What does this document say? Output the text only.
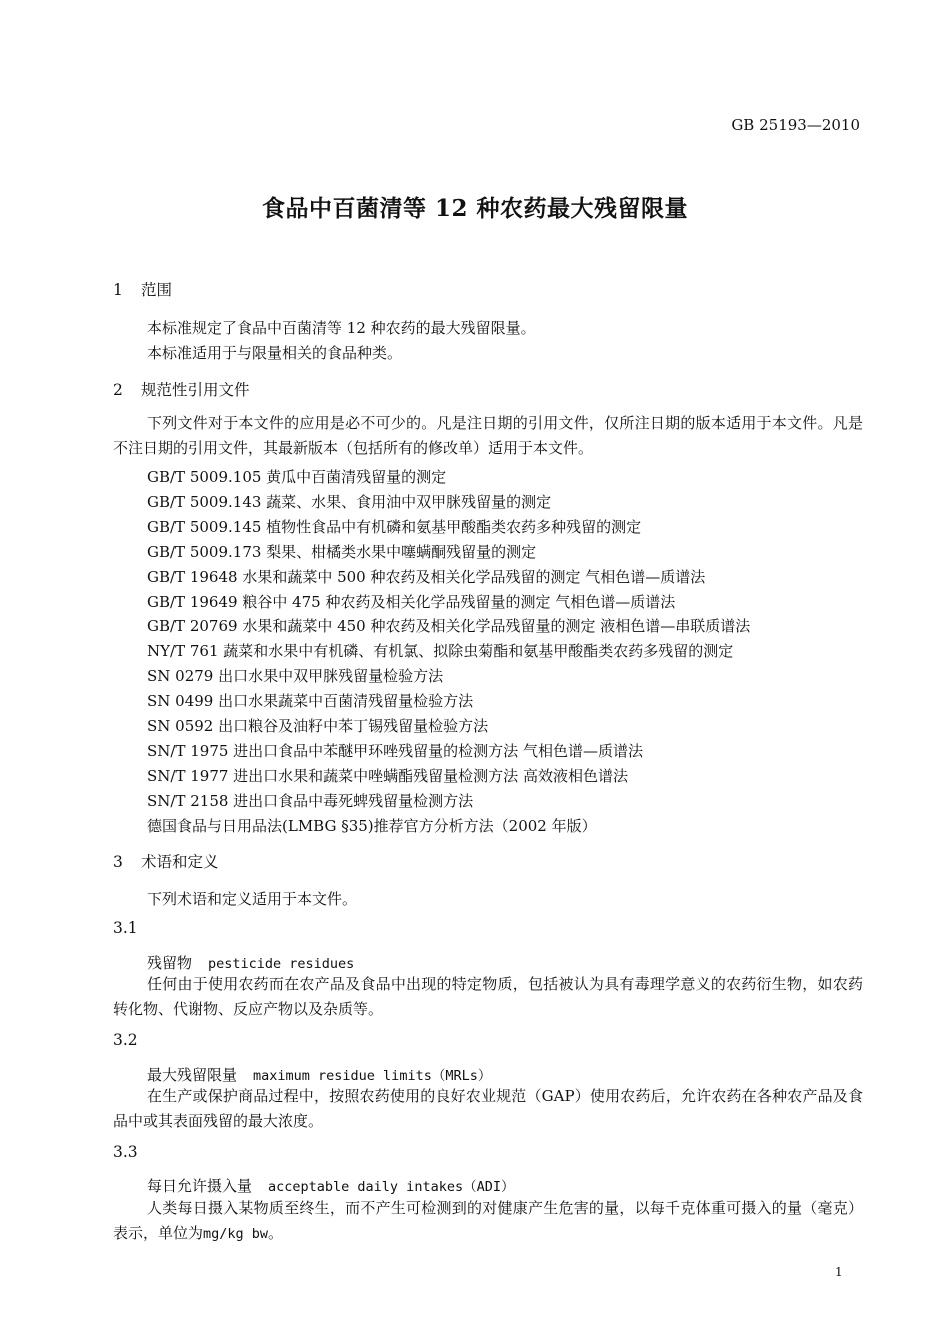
GB 25193—2010
食品中百菌清等 12 种农药最大残留限量
1 范围
本标准规定了食品中百菌清等 12 种农药的最大残留限量。
本标准适用于与限量相关的食品种类。
2 规范性引用文件
下列文件对于本文件的应用是必不可少的。凡是注日期的引用文件，仅所注日期的版本适用于本文件。凡是不注日期的引用文件，其最新版本（包括所有的修改单）适用于本文件。
GB/T 5009.105 黄瓜中百菌清残留量的测定
GB/T 5009.143 蔬菜、水果、食用油中双甲脒残留量的测定
GB/T 5009.145 植物性食品中有机磷和氨基甲酸酯类农药多种残留的测定
GB/T 5009.173 梨果、柑橘类水果中噻螨酮残留量的测定
GB/T 19648 水果和蔬菜中 500 种农药及相关化学品残留的测定 气相色谱—质谱法
GB/T 19649 粮谷中 475 种农药及相关化学品残留量的测定 气相色谱—质谱法
GB/T 20769 水果和蔬菜中 450 种农药及相关化学品残留量的测定 液相色谱—串联质谱法
NY/T 761 蔬菜和水果中有机磷、有机氯、拟除虫菊酯和氨基甲酸酯类农药多残留的测定
SN 0279 出口水果中双甲脒残留量检验方法
SN 0499 出口水果蔬菜中百菌清残留量检验方法
SN 0592 出口粮谷及油籽中苯丁锡残留量检验方法
SN/T 1975 进出口食品中苯醚甲环唑残留量的检测方法 气相色谱—质谱法
SN/T 1977 进出口水果和蔬菜中唑螨酯残留量检测方法 高效液相色谱法
SN/T 2158 进出口食品中毒死蜱残留量检测方法
德国食品与日用品法(LMBG §35)推荐官方分析方法（2002 年版）
3 术语和定义
下列术语和定义适用于本文件。
3.1
残留物 pesticide residues
任何由于使用农药而在农产品及食品中出现的特定物质，包括被认为具有毒理学意义的农药衍生物，如农药转化物、代谢物、反应产物以及杂质等。
3.2
最大残留限量 maximum residue limits（MRLs）
在生产或保护商品过程中，按照农药使用的良好农业规范（GAP）使用农药后，允许农药在各种农产品及食品中或其表面残留的最大浓度。
3.3
每日允许摄入量 acceptable daily intakes（ADI）
人类每日摄入某物质至终生，而不产生可检测到的对健康产生危害的量，以每千克体重可摄入的量（毫克）表示，单位为mg/kg bw。
1
